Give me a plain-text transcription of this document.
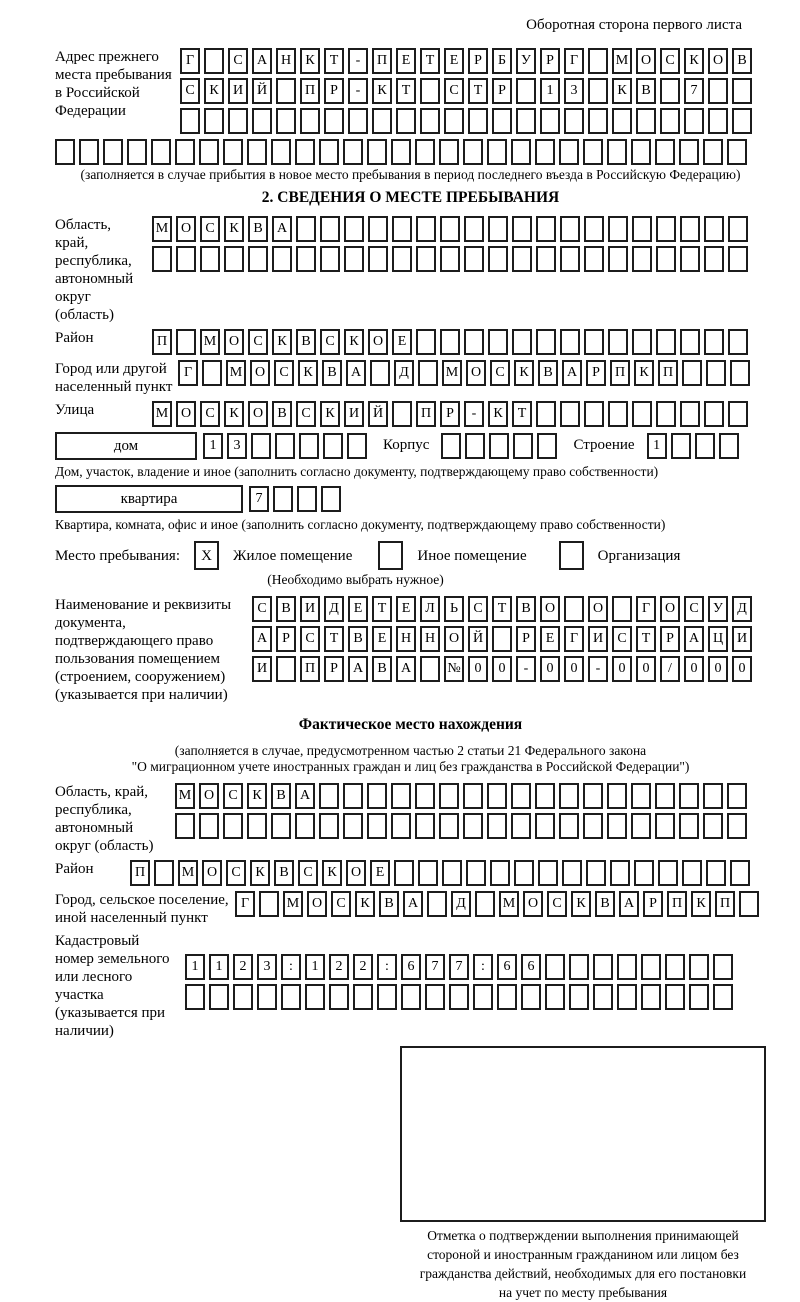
Оборотная сторона первого листа
Адрес прежнего места пребывания в Российской Федерации
Г	С	А Н	К	Т	-	П	Е	Т	Е	Р	Б	У	Р	Г	М О	С	К	О	В
С	К	И Й	П	Р	-	К	Т	С	Т	Р	1	3	К	В	7
(заполняется в случае прибытия в новое место пребывания в период последнего въезда в Российскую Федерацию)
2. СВЕДЕНИЯ О МЕСТЕ ПРЕБЫВАНИЯ
Область, край, республика, автономный округ (область)
М О	С	К	В	А
Район	П	М О	С	К	В	С	К	О	Е
Город или другой населенный пункт
Г	М О	С	К	В	А	Д	М О	С	К	В	А	Р	П	К	П
Улица	М О	С	К	О	В	С	К	И Й	П	Р	-	К	Т
дом	1	3	Корпус	Строение	1
Дом, участок, владение и иное (заполнить согласно документу, подтверждающему право собственности)
квартира	7
Квартира, комната, офис и иное (заполнить согласно документу, подтверждающему право собственности)
Место пребывания:	X	Жилое помещение	Иное помещение	Организация
(Необходимо выбрать нужное)
Наименование и реквизиты документа, подтверждающего право пользования помещением (строением, сооружением) (указывается при наличии)
С	В	И	Д	Е	Т	Е	Л	Ь	С	Т	В	О	О	Г	О	С	У	Д
А	Р	С	Т	В	Е	Н Н О Й	Р	Е	Г	И	С	Т	Р	А Ц И
И	П	Р	А	В	А	№ 0	0	-	0	0	-	0	0	/	0	0	0
Фактическое место нахождения
(заполняется в случае, предусмотренном частью 2 статьи 21 Федерального закона
"О миграционном учете иностранных граждан и лиц без гражданства в Российской Федерации")
Область, край, республика, автономный округ (область)
М О	С	К	В	А
Район	П	М О	С	К	В	С	К	О	Е
Город, сельское поселение, иной населенный пункт
Г	М О	С	К	В	А	Д	М О	С	К	В	А	Р	П	К	П
Кадастровый номер земельного или лесного участка (указывается при наличии)
1	1	2	3	:	1	2	2	:	6	7	7	:	6	6
Отметка о подтверждении выполнения принимающей
стороной и иностранным гражданином или лицом без
гражданства действий, необходимых для его постановки
на учет по месту пребывания
